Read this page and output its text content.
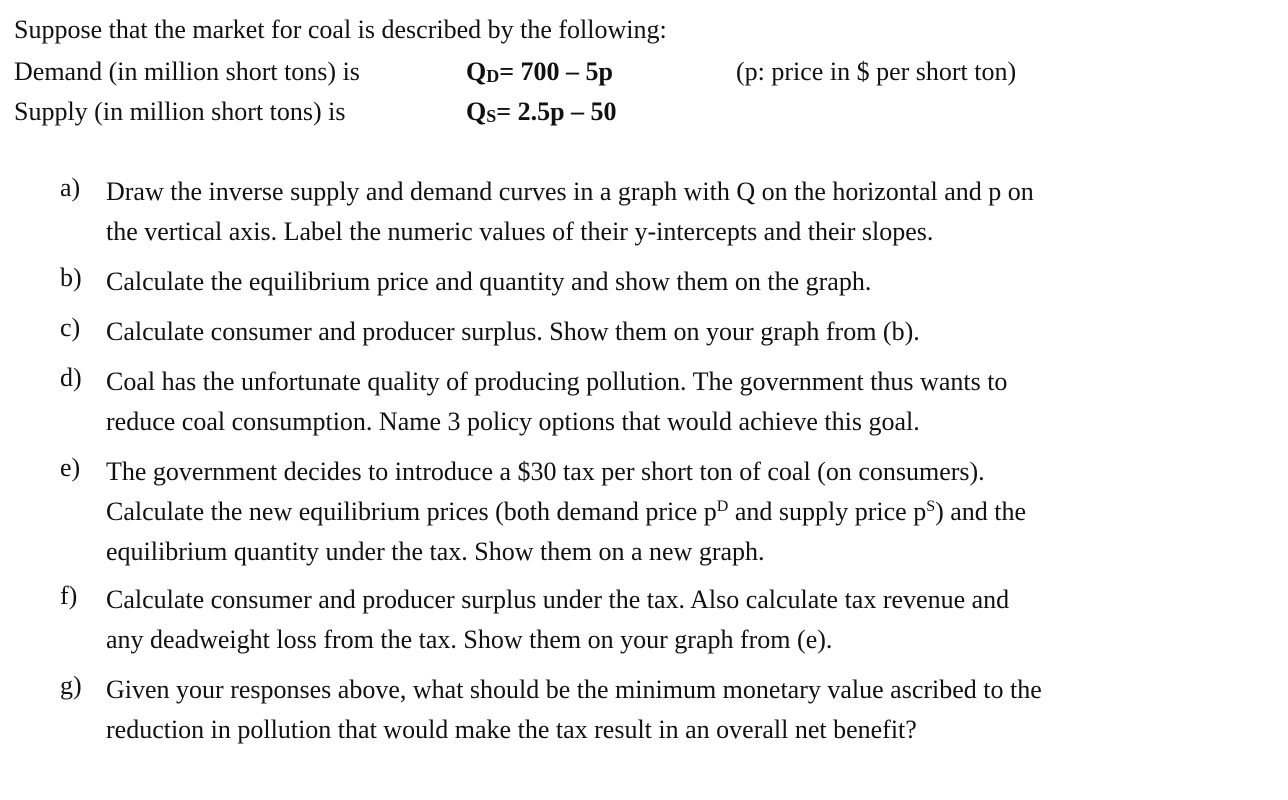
Suppose that the market for coal is described by the following:
Demand (in million short tons) is
Supply (in million short tons) is
QD= 700 – 5p
QS= 2.5p – 50
(p: price in $ per short ton)
a) Draw the inverse supply and demand curves in a graph with Q on the horizontal and p on
the vertical axis. Label the numeric values of their y-intercepts and their slopes.
b) Calculate the equilibrium price and quantity and show them on the graph.
c) Calculate consumer and producer surplus. Show them on your graph from (b).
d) Coal has the unfortunate quality of producing pollution. The government thus wants to
reduce coal consumption. Name 3 policy options that would achieve this goal.
e) The government decides to introduce a $30 tax per short ton of coal (on consumers).
Calculate the new equilibrium prices (both demand price $p^D$ and supply price $p^S$) and the
equilibrium quantity under the tax. Show them on a new graph.
f)	Calculate consumer and producer surplus under the tax. Also calculate tax revenue and
any deadweight loss from the tax. Show them on your graph from (e).
g) Given your responses above, what should be the minimum monetary value ascribed to the
reduction in pollution that would make the tax result in an overall net benefit?
